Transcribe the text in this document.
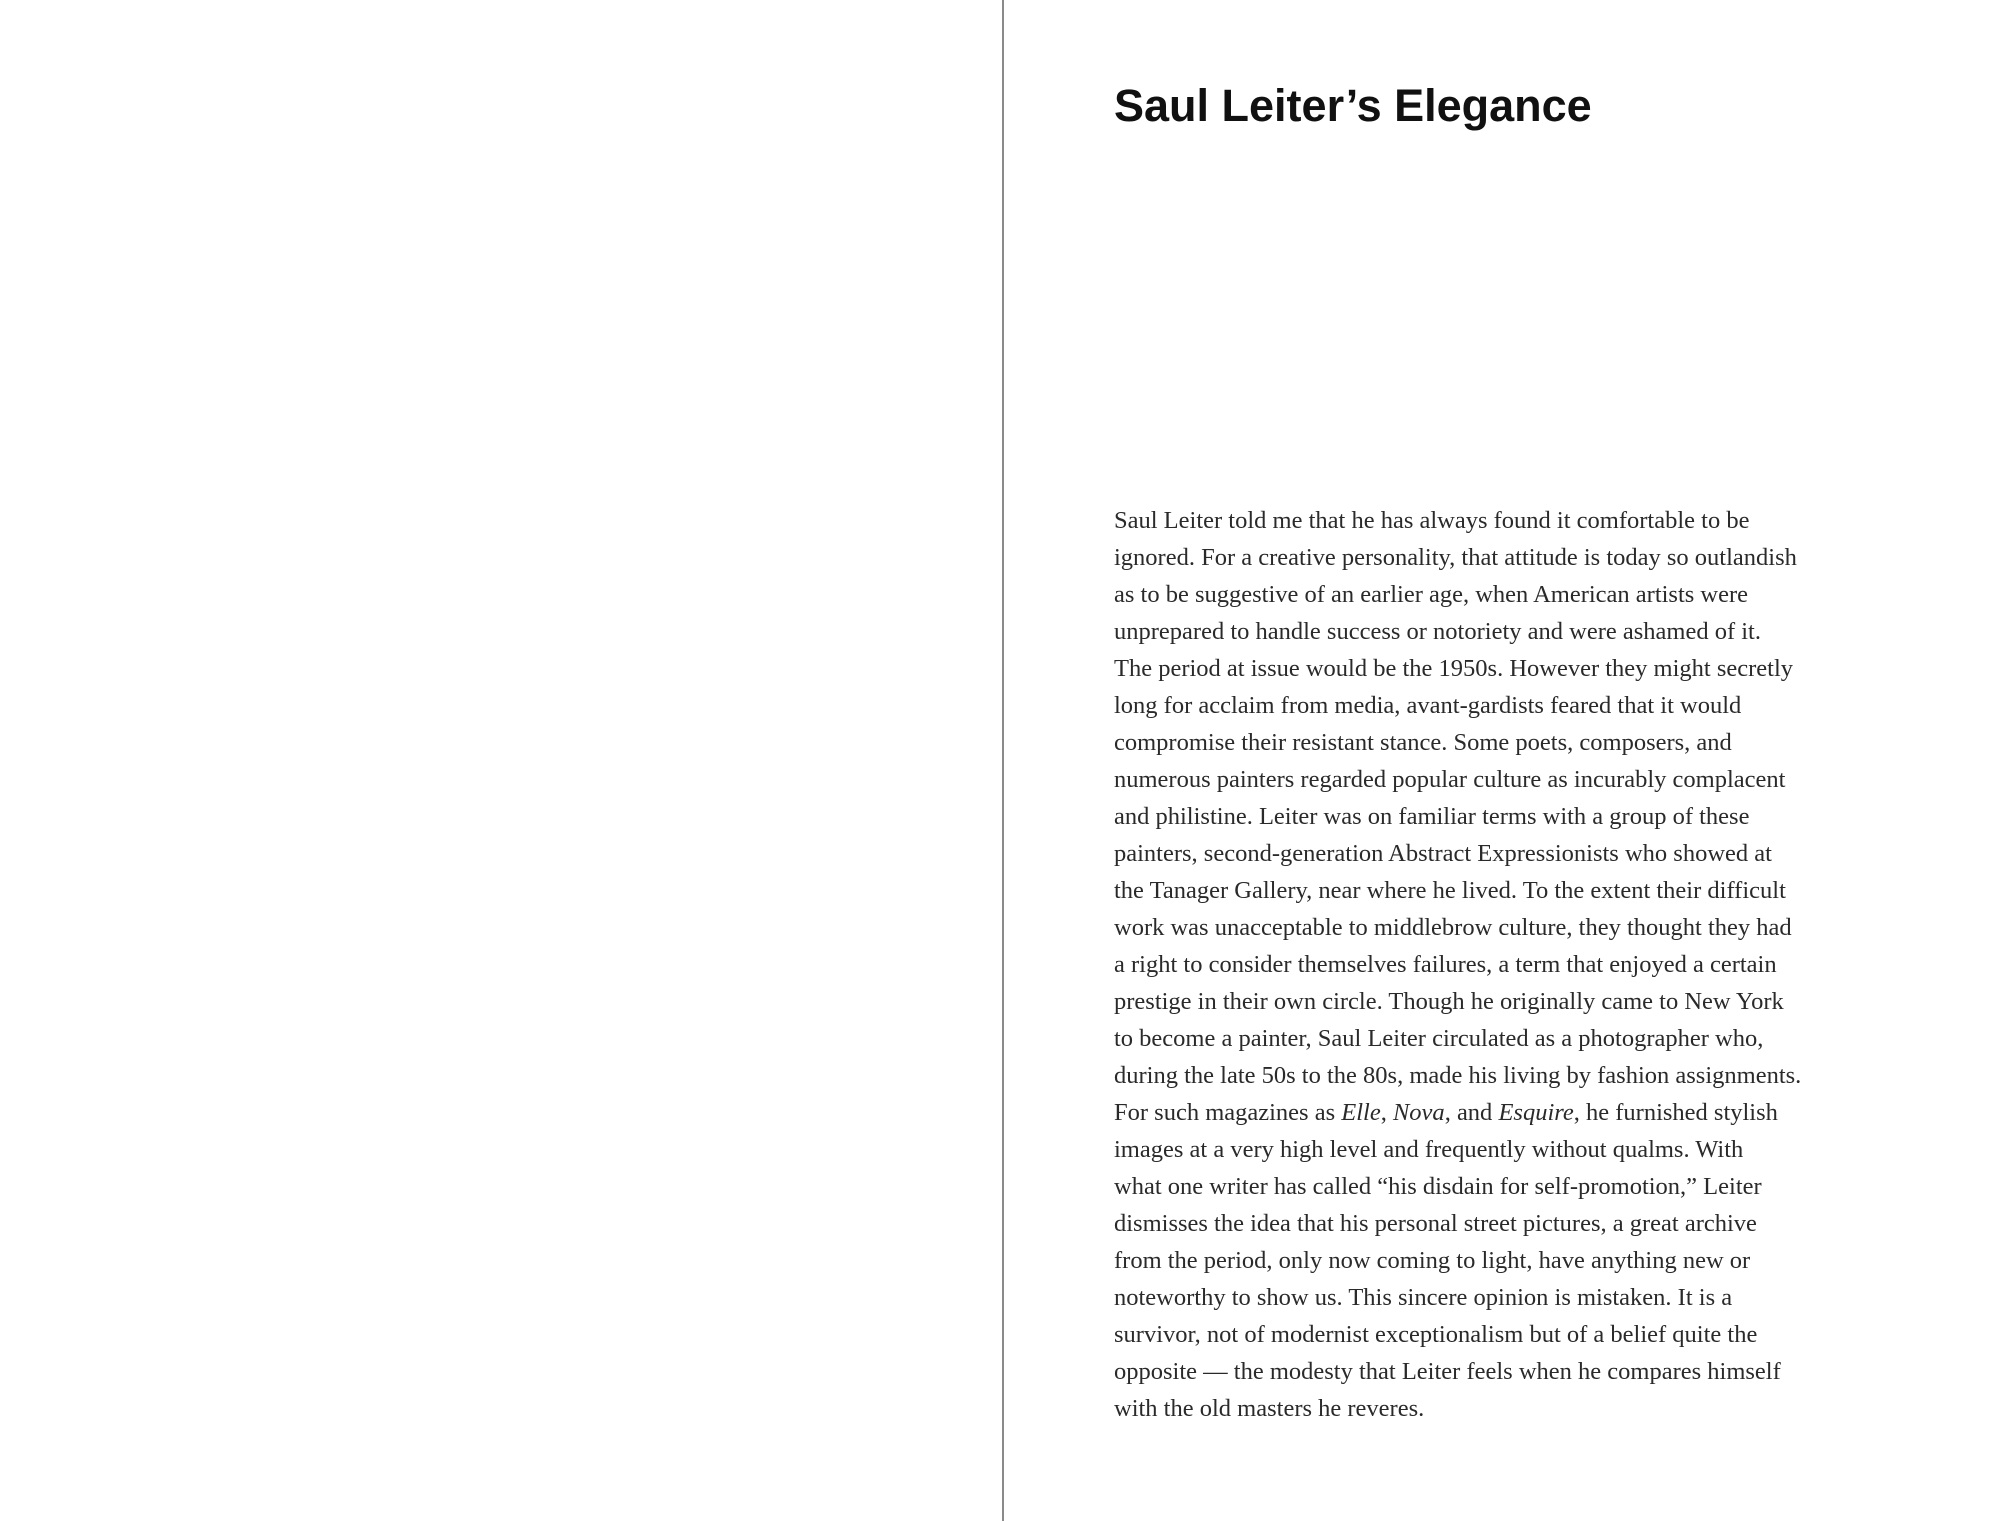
Saul Leiter’s Elegance
Saul Leiter told me that he has always found it comfortable to be
ignored. For a creative personality, that attitude is today so outlandish
as to be suggestive of an earlier age, when American artists were
unprepared to handle success or notoriety and were ashamed of it.
The period at issue would be the 1950s. However they might secretly
long for acclaim from media, avant-gardists feared that it would
compromise their resistant stance. Some poets, composers, and
numerous painters regarded popular culture as incurably complacent
and philistine. Leiter was on familiar terms with a group of these
painters, second-generation Abstract Expressionists who showed at
the Tanager Gallery, near where he lived. To the extent their difficult
work was unacceptable to middlebrow culture, they thought they had
a right to consider themselves failures, a term that enjoyed a certain
prestige in their own circle. Though he originally came to New York
to become a painter, Saul Leiter circulated as a photographer who,
during the late 50s to the 80s, made his living by fashion assignments.
For such magazines as Elle, Nova, and Esquire, he furnished stylish
images at a very high level and frequently without qualms. With
what one writer has called “his disdain for self-promotion,” Leiter
dismisses the idea that his personal street pictures, a great archive
from the period, only now coming to light, have anything new or
noteworthy to show us. This sincere opinion is mistaken. It is a
survivor, not of modernist exceptionalism but of a belief quite the
opposite — the modesty that Leiter feels when he compares himself
with the old masters he reveres.
